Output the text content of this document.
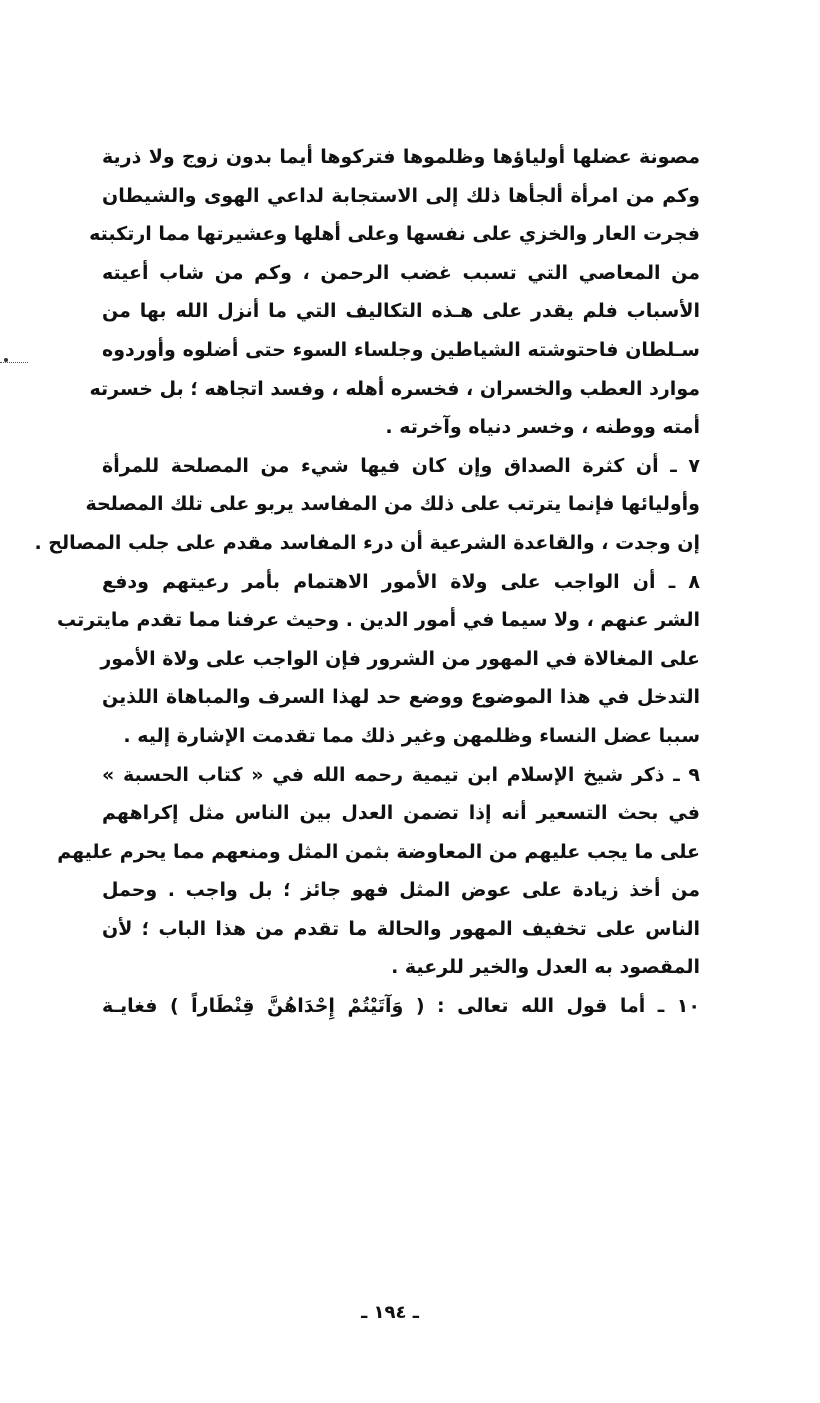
مصونة عضلها أولياؤها وظلموها فتركوها أيما بدون زوج ولا ذرية
وكم من امرأة ألجأها ذلك إلى الاستجابة لداعي الهوى والشيطان
فجرت العار والخزي على نفسها وعلى أهلها وعشيرتها مما ارتكبته
من المعاصي التي تسبب غضب الرحمن ، وكم من شاب أعيته
الأسباب فلم يقدر على هـذه التكاليف التي ما أنزل الله بها من
سـلطان فاحتوشته الشياطين وجلساء السوء حتى أضلوه وأوردوه
موارد العطب والخسران ، فخسره أهله ، وفسد اتجاهه ؛ بل خسرته
أمته ووطنه ، وخسر دنياه وآخرته .
٧ ـ أن كثرة الصداق وإن كان فيها شيء من المصلحة للمرأة
وأوليائها فإنما يترتب على ذلك من المفاسد يربو على تلك المصلحة
إن وجدت ، والقاعدة الشرعية أن درء المفاسد مقدم على جلب المصالح .
٨ ـ أن الواجب على ولاة الأمور الاهتمام بأمر رعيتهم ودفع
الشر عنهم ، ولا سيما في أمور الدين . وحيث عرفنا مما تقدم مايترتب
على المغالاة في المهور من الشرور فإن الواجب على ولاة الأمور
التدخل في هذا الموضوع ووضع حد لهذا السرف والمباهاة اللذين
سببا عضل النساء وظلمهن وغير ذلك مما تقدمت الإشارة إليه .
٩ ـ ذكر شيخ الإسلام ابن تيمية رحمه الله في « كتاب الحسبة »
في بحث التسعير أنه إذا تضمن العدل بين الناس مثل إكراههم
على ما يجب عليهم من المعاوضة بثمن المثل ومنعهم مما يحرم عليهم
من أخذ زيادة على عوض المثل فهو جائز ؛ بل واجب . وحمل
الناس على تخفيف المهور والحالة ما تقدم من هذا الباب ؛ لأن
المقصود به العدل والخير للرعية .
١٠ ـ أما قول الله تعالى : ( وَآتَيْتُمْ إِحْدَاهُنَّ قِنْطَاراً ) فغايـة
ـ ١٩٤ ـ
